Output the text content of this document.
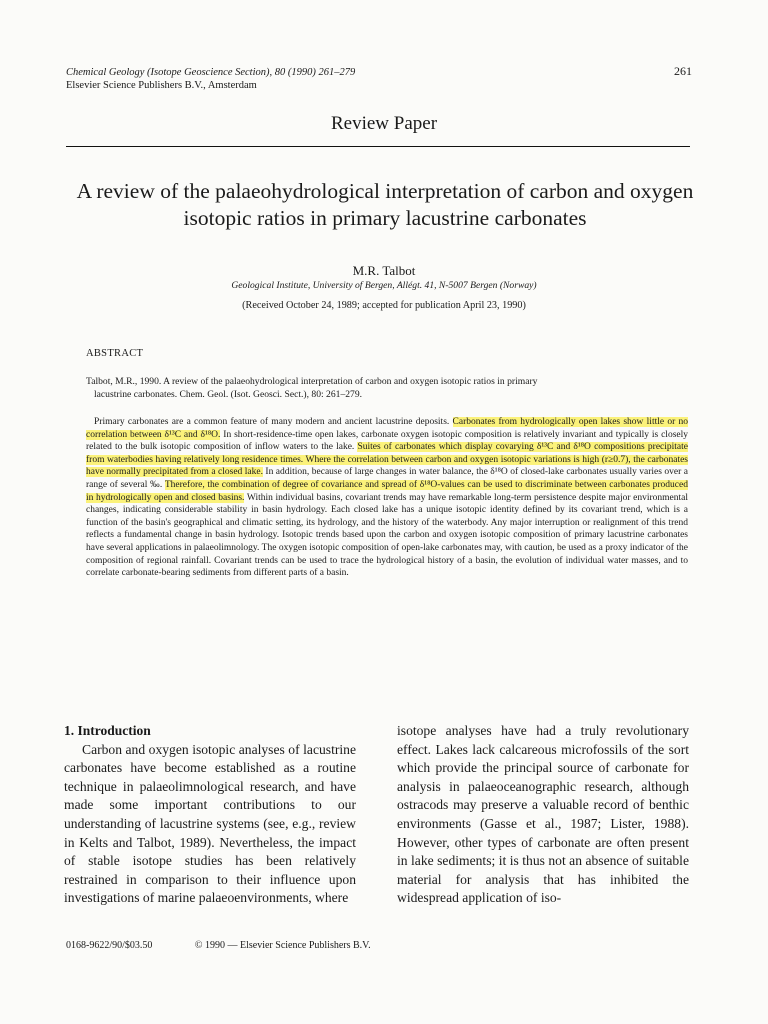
Chemical Geology (Isotope Geoscience Section), 80 (1990) 261–279
Elsevier Science Publishers B.V., Amsterdam
261
Review Paper
A review of the palaeohydrological interpretation of carbon and oxygen isotopic ratios in primary lacustrine carbonates
M.R. Talbot
Geological Institute, University of Bergen, Allégt. 41, N-5007 Bergen (Norway)
(Received October 24, 1989; accepted for publication April 23, 1990)
ABSTRACT
Talbot, M.R., 1990. A review of the palaeohydrological interpretation of carbon and oxygen isotopic ratios in primary
lacustrine carbonates. Chem. Geol. (Isot. Geosci. Sect.), 80: 261–279.
Primary carbonates are a common feature of many modern and ancient lacustrine deposits. Carbonates from hydrologically open lakes show little or no correlation between δ¹³C and δ¹⁸O. In short-residence-time open lakes, carbonate oxygen isotopic composition is relatively invariant and typically is closely related to the bulk isotopic composition of inflow waters to the lake. Suites of carbonates which display covarying δ¹³C and δ¹⁸O compositions precipitate from waterbodies having relatively long residence times. Where the correlation between carbon and oxygen isotopic variations is high (r≥0.7), the carbonates have normally precipitated from a closed lake. In addition, because of large changes in water balance, the δ¹⁸O of closed-lake carbonates usually varies over a range of several ‰. Therefore, the combination of degree of covariance and spread of δ¹⁸O-values can be used to discriminate between carbonates produced in hydrologically open and closed basins. Within individual basins, covariant trends may have remarkable long-term persistence despite major environmental changes, indicating considerable stability in basin hydrology. Each closed lake has a unique isotopic identity defined by its covariant trend, which is a function of the basin's geographical and climatic setting, its hydrology, and the history of the waterbody. Any major interruption or realignment of this trend reflects a fundamental change in basin hydrology. Isotopic trends based upon the carbon and oxygen isotopic composition of primary lacustrine carbonates have several applications in palaeolimnology. The oxygen isotopic composition of open-lake carbonates may, with caution, be used as a proxy indicator of the composition of regional rainfall. Covariant trends can be used to trace the hydrological history of a basin, the evolution of individual water masses, and to correlate carbonate-bearing sediments from different parts of a basin.
1. Introduction
Carbon and oxygen isotopic analyses of lacustrine carbonates have become established as a routine technique in palaeolimnological research, and have made some important contributions to our understanding of lacustrine systems (see, e.g., review in Kelts and Talbot, 1989). Nevertheless, the impact of stable isotope studies has been relatively restrained in comparison to their influence upon investigations of marine palaeoenvironments, where
isotope analyses have had a truly revolutionary effect. Lakes lack calcareous microfossils of the sort which provide the principal source of carbonate for analysis in palaeoceanographic research, although ostracods may preserve a valuable record of benthic environments (Gasse et al., 1987; Lister, 1988). However, other types of carbonate are often present in lake sediments; it is thus not an absence of suitable material for analysis that has inhibited the widespread application of iso-
0168-9622/90/$03.50	© 1990 — Elsevier Science Publishers B.V.
